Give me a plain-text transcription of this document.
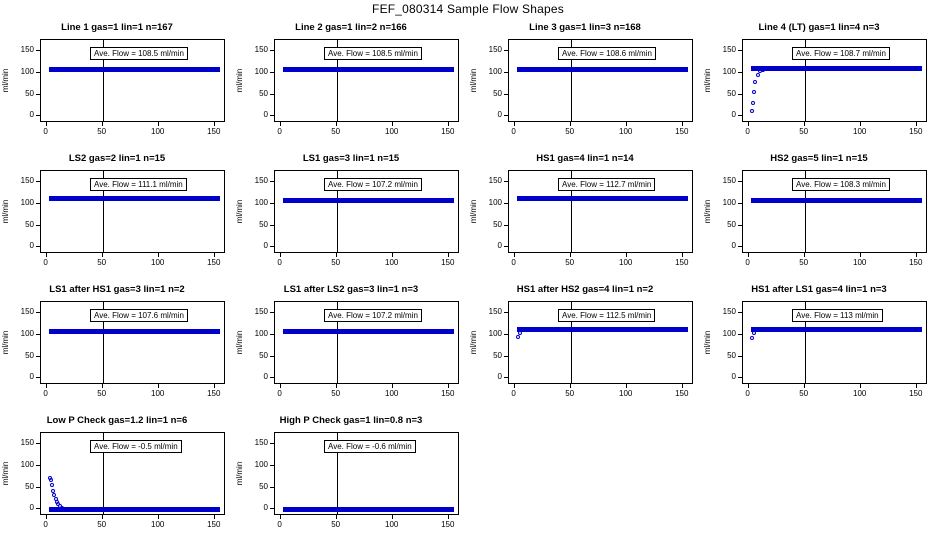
FEF_080314 Sample Flow Shapes
Line 1 gas=1 lin=1 n=167
ml/min
0
50
100
150
0	50	100	150
Ave. Flow = 108.5 ml/min
Line 2 gas=1 lin=2 n=166
ml/min
0
50
100
150
0	50	100	150
Ave. Flow = 108.5 ml/min
Line 3 gas=1 lin=3 n=168
ml/min
0
50
100
150
0	50	100	150
Ave. Flow = 108.6 ml/min
Line 4 (LT) gas=1 lin=4 n=3
ml/min
0
50
100
150
0	50	100	150
Ave. Flow = 108.7 ml/min
LS2 gas=2 lin=1 n=15
ml/min
0
50
100
150
0	50	100	150
Ave. Flow = 111.1 ml/min
LS1 gas=3 lin=1 n=15
ml/min
0
50
100
150
0	50	100	150
Ave. Flow = 107.2 ml/min
HS1 gas=4 lin=1 n=14
ml/min
0
50
100
150
0	50	100	150
Ave. Flow = 112.7 ml/min
HS2 gas=5 lin=1 n=15
ml/min
0
50
100
150
0	50	100	150
Ave. Flow = 108.3 ml/min
LS1 after HS1 gas=3 lin=1 n=2
ml/min
0
50
100
150
0	50	100	150
Ave. Flow = 107.6 ml/min
LS1 after LS2 gas=3 lin=1 n=3
ml/min
0
50
100
150
0	50	100	150
Ave. Flow = 107.2 ml/min
HS1 after HS2 gas=4 lin=1 n=2
ml/min
0
50
100
150
0	50	100	150
Ave. Flow = 112.5 ml/min
HS1 after LS1 gas=4 lin=1 n=3
ml/min
0
50
100
150
0	50	100	150
Ave. Flow = 113 ml/min
Low P Check gas=1.2 lin=1 n=6
ml/min
0
50
100
150
0	50	100	150
Ave. Flow = -0.5 ml/min
High P Check gas=1 lin=0.8 n=3
ml/min
0
50
100
150
0	50	100	150
Ave. Flow = -0.6 ml/min
